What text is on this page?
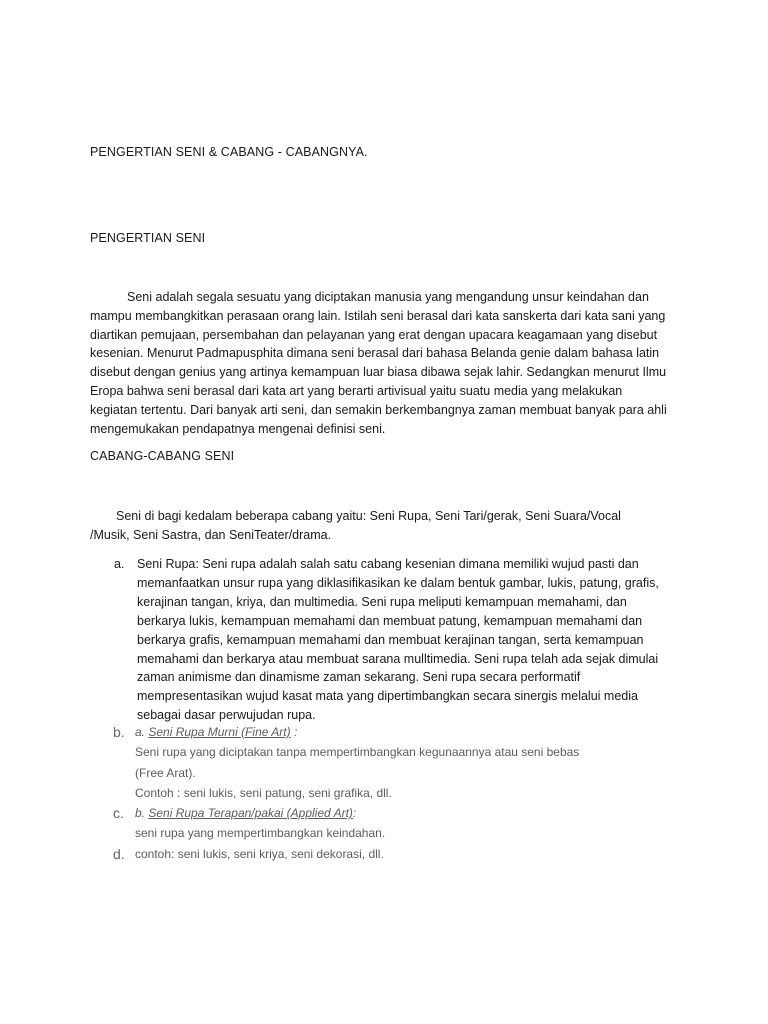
PENGERTIAN SENI & CABANG - CABANGNYA.
PENGERTIAN SENI
Seni adalah segala sesuatu yang diciptakan manusia yang mengandung unsur keindahan dan
mampu membangkitkan perasaan orang lain. Istilah seni berasal dari kata sanskerta dari kata sani yang
diartikan pemujaan, persembahan dan pelayanan yang erat dengan upacara keagamaan yang disebut
kesenian. Menurut Padmapusphita dimana seni berasal dari bahasa Belanda genie dalam bahasa latin
disebut dengan genius yang artinya kemampuan luar biasa dibawa sejak lahir. Sedangkan menurut Ilmu
Eropa bahwa seni berasal dari kata art yang berarti artivisual yaitu suatu media yang melakukan
kegiatan tertentu. Dari banyak arti seni, dan semakin berkembangnya zaman membuat banyak para ahli
mengemukakan pendapatnya mengenai definisi seni.
CABANG-CABANG SENI
Seni di bagi kedalam beberapa cabang yaitu: Seni Rupa, Seni Tari/gerak, Seni Suara/Vocal
/Musik, Seni Sastra, dan SeniTeater/drama.
a. Seni Rupa: Seni rupa adalah salah satu cabang kesenian dimana memiliki wujud pasti dan
memanfaatkan unsur rupa yang diklasifikasikan ke dalam bentuk gambar, lukis, patung, grafis,
kerajinan tangan, kriya, dan multimedia. Seni rupa meliputi kemampuan memahami, dan
berkarya lukis, kemampuan memahami dan membuat patung, kemampuan memahami dan
berkarya grafis, kemampuan memahami dan membuat kerajinan tangan, serta kemampuan
memahami dan berkarya atau membuat sarana mulltimedia. Seni rupa telah ada sejak dimulai
zaman animisme dan dinamisme zaman sekarang. Seni rupa secara performatif
mempresentasikan wujud kasat mata yang dipertimbangkan secara sinergis melalui media
sebagai dasar perwujudan rupa.
b. a. Seni Rupa Murni (Fine Art) :
Seni rupa yang diciptakan tanpa mempertimbangkan kegunaannya atau seni bebas
(Free Arat).
Contoh : seni lukis, seni patung, seni grafika, dll.
c. b. Seni Rupa Terapan/pakai (Applied Art):
seni rupa yang mempertimbangkan keindahan.
d. contoh: seni lukis, seni kriya, seni dekorasi, dll.
